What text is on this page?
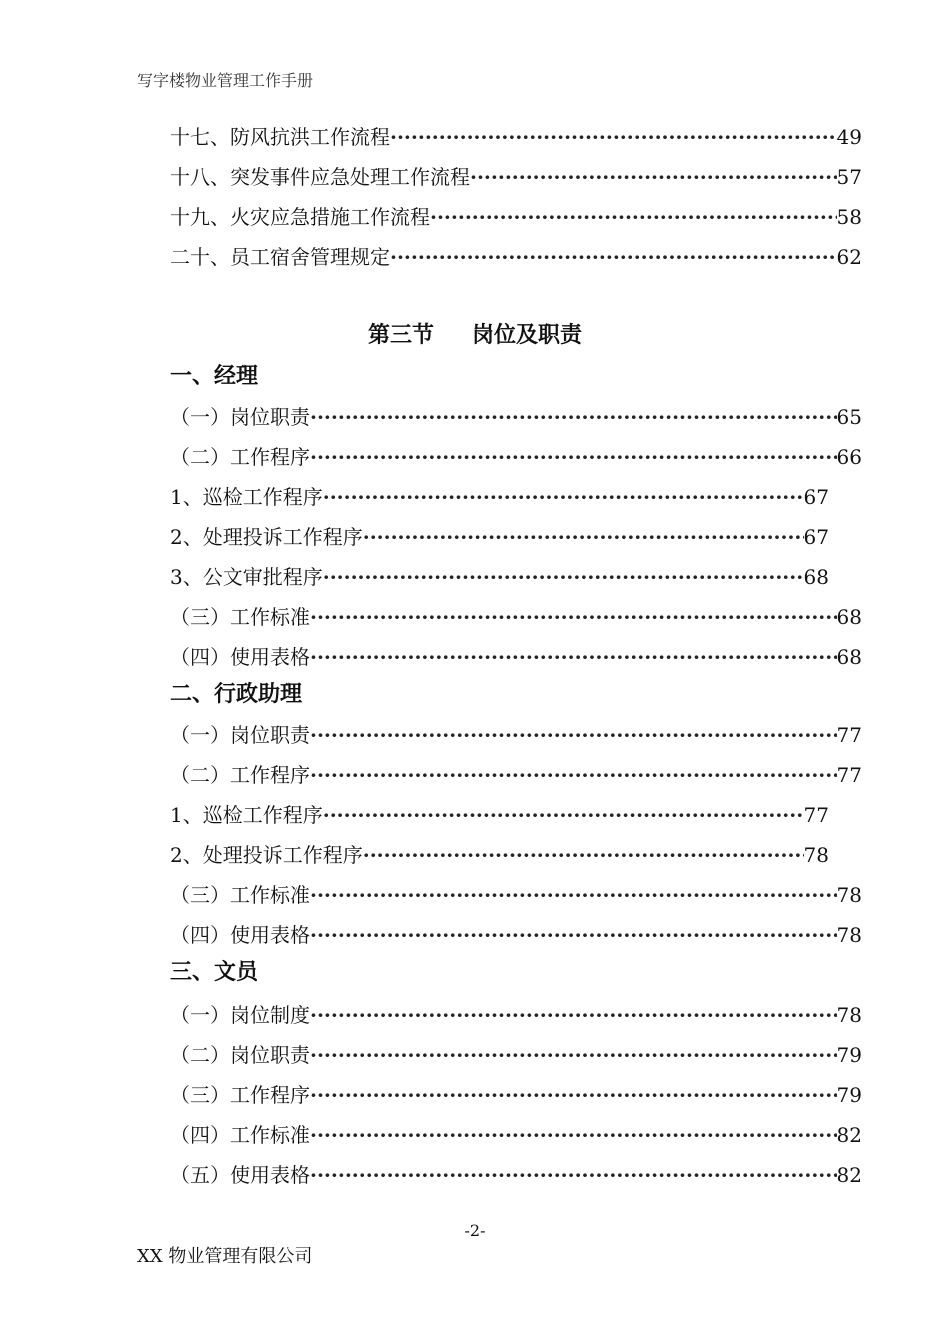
写字楼物业管理工作手册
十七、防风抗洪工作流程 ·····	49
十八、突发事件应急处理工作流程 ·····	57
十九、火灾应急措施工作流程 ·····	58
二十、员工宿舍管理规定 ·····	62
第三节 岗位及职责
一、经理
（一）岗位职责 ·····	65
（二）工作程序 ·····	66
1、巡检工作程序 ·····	67
2、处理投诉工作程序 ·····	67
3、公文审批程序 ·····	68
（三）工作标准 ·····	68
（四）使用表格 ·····	68
二、行政助理
（一）岗位职责 ·····	77
（二）工作程序 ·····	77
1、巡检工作程序 ·····	77
2、处理投诉工作程序 ·····	78
（三）工作标准 ·····	78
（四）使用表格 ·····	78
三、文员
（一）岗位制度 ·····	78
（二）岗位职责 ·····	79
（三）工作程序 ·····	79
（四）工作标准 ·····	82
（五）使用表格 ·····	82
-2-
XX 物业管理有限公司
